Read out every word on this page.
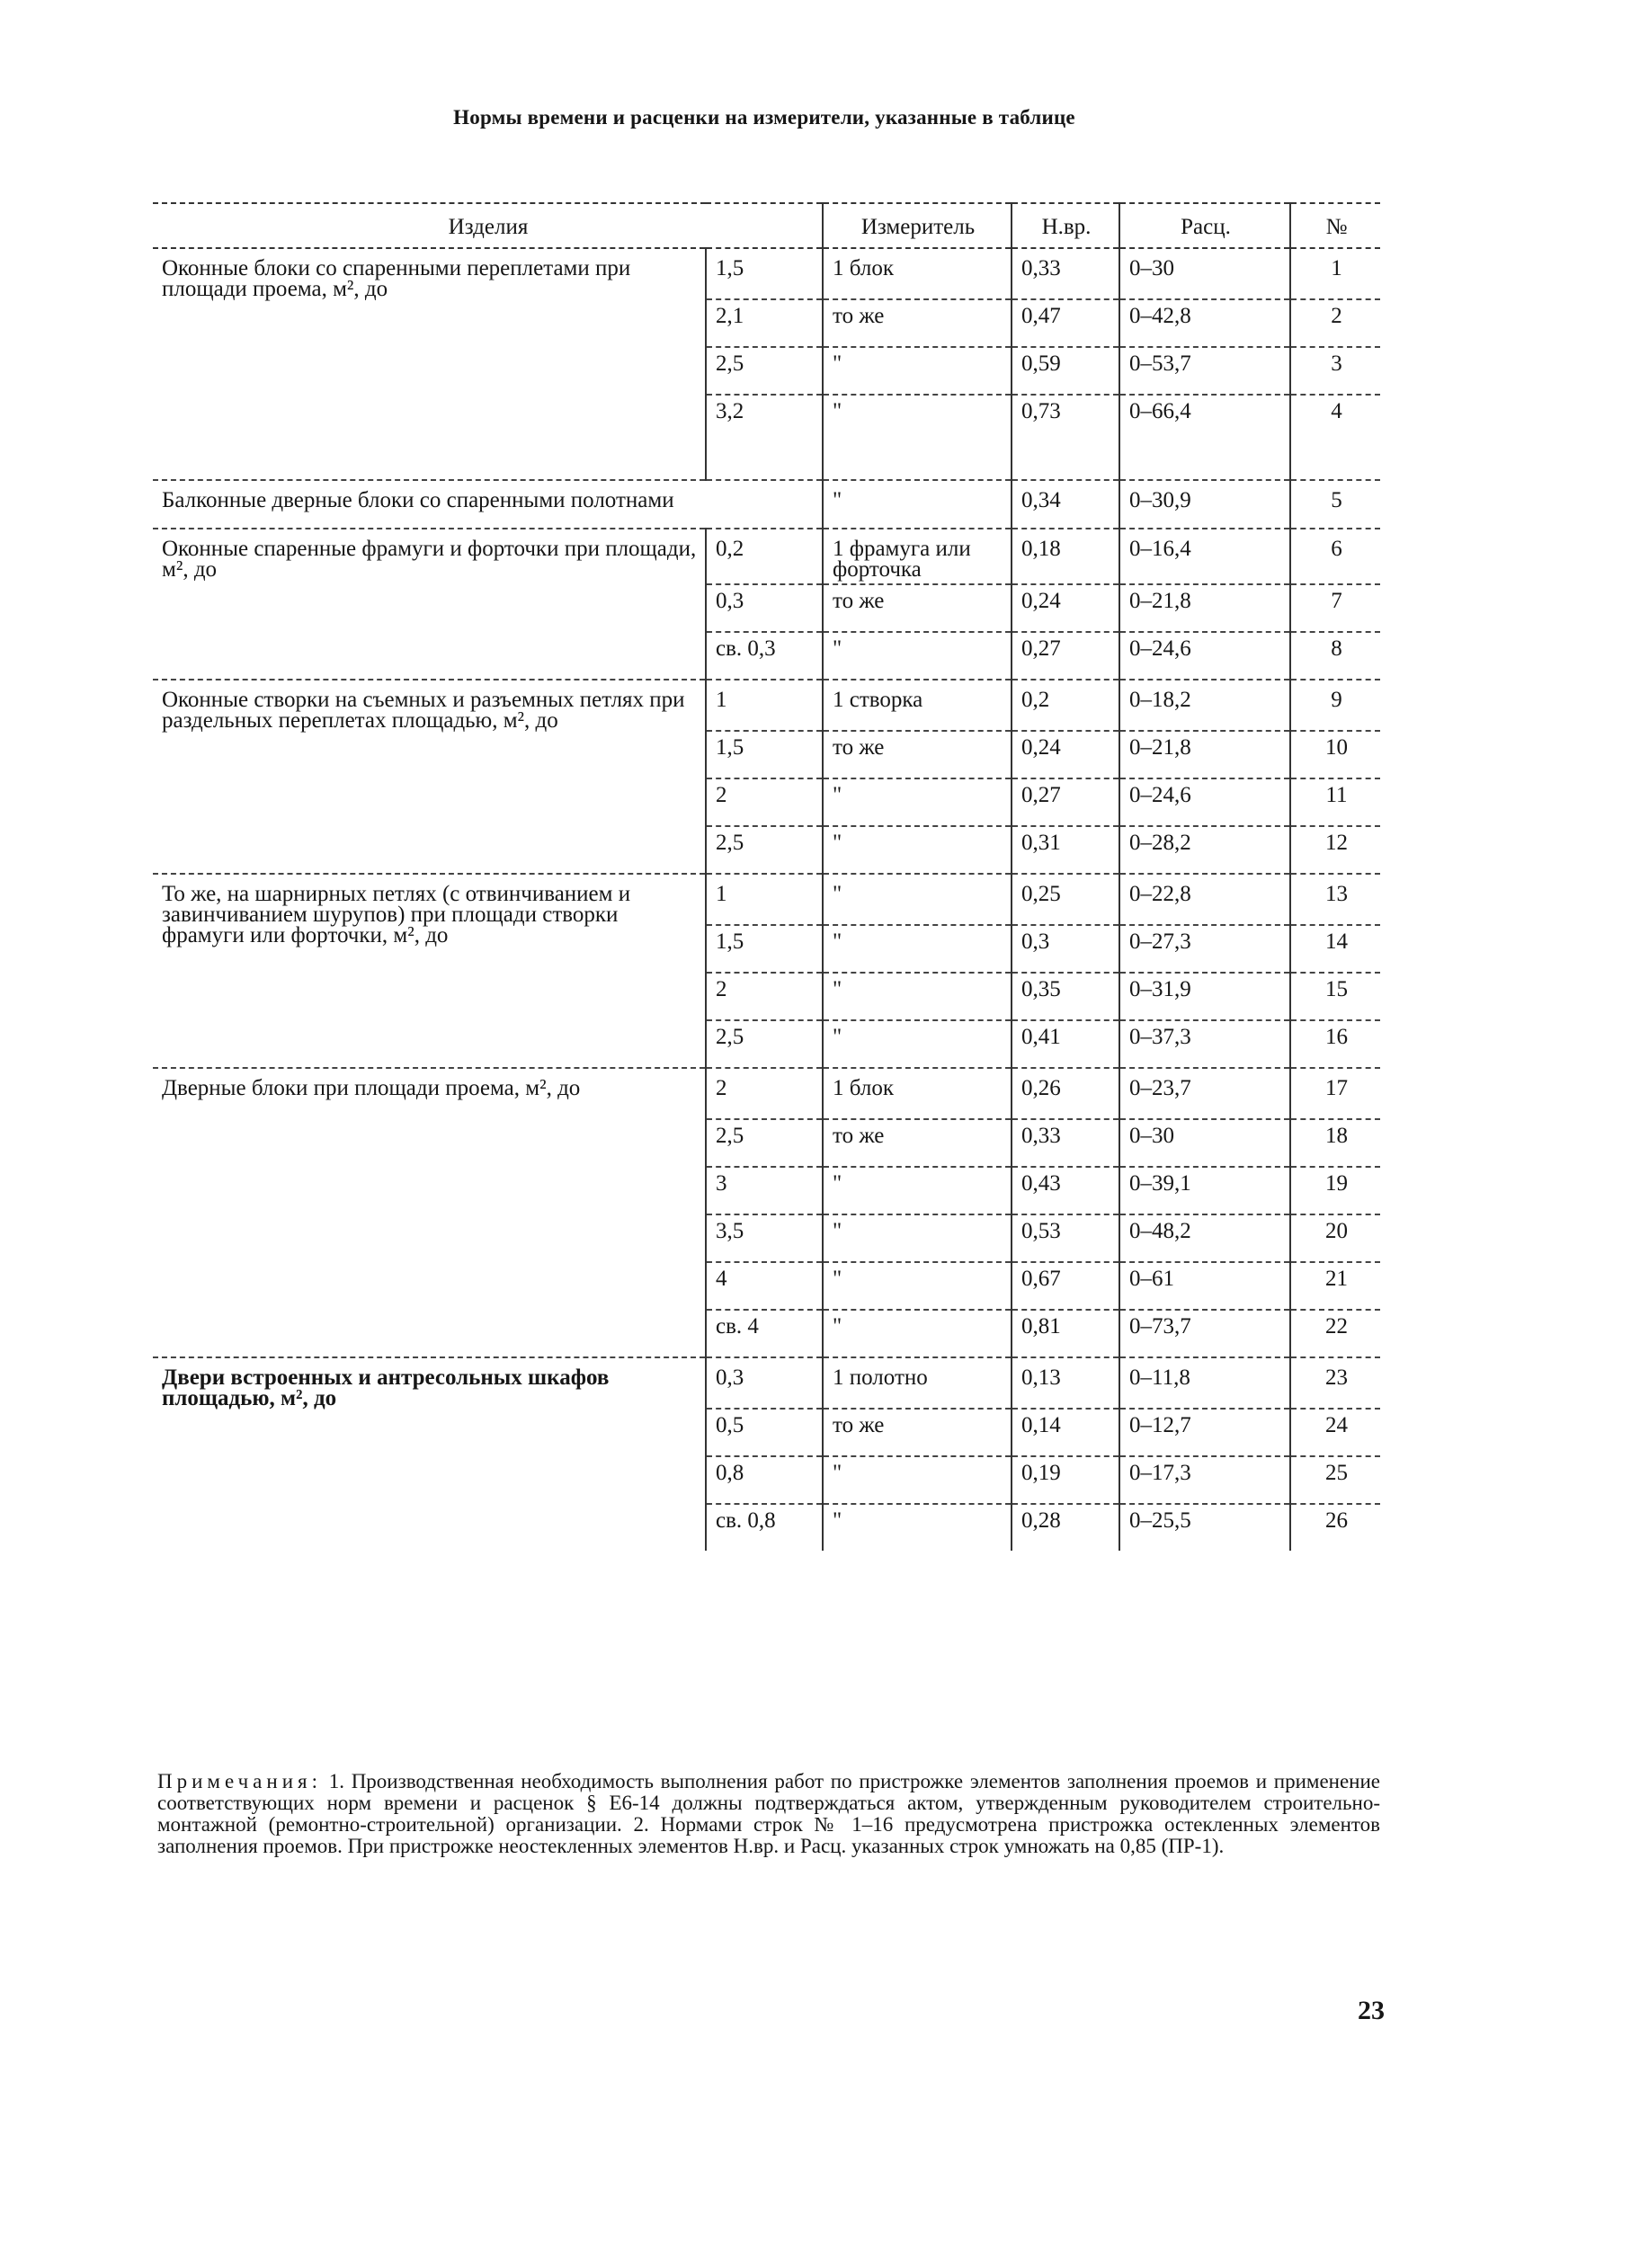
Нормы времени и расценки на измерители, указанные в таблице
Изделия		Измеритель	Н.вр.	Расц.	№
Оконные блоки со спаренными переплетами при площади проема, м², до	1,5	1 блок	0,33	0–30	1
	2,1	то же	0,47	0–42,8	2
	2,5	"	0,59	0–53,7	3
	3,2	"	0,73	0–66,4	4

Балконные дверные блоки со спаренными полотнами		"	0,34	0–30,9	5
Оконные спаренные фрамуги и форточки при площади, м², до	0,2	1 фрамуга или форточка	0,18	0–16,4	6
	0,3	то же	0,24	0–21,8	7
	св. 0,3	"	0,27	0–24,6	8
Оконные створки на съемных и разъемных петлях при раздельных переплетах площадью, м², до	1	1 створка	0,2	0–18,2	9
	1,5	то же	0,24	0–21,8	10
	2	"	0,27	0–24,6	11
	2,5	"	0,31	0–28,2	12
То же, на шарнирных петлях (с отвинчиванием и завинчиванием шурупов) при площади створки фрамуги или форточки, м², до	1	"	0,25	0–22,8	13
	1,5	"	0,3	0–27,3	14
	2	"	0,35	0–31,9	15
	2,5	"	0,41	0–37,3	16
Дверные блоки при площади проема, м², до	2	1 блок	0,26	0–23,7	17
	2,5	то же	0,33	0–30	18
	3	"	0,43	0–39,1	19
	3,5	"	0,53	0–48,2	20
	4	"	0,67	0–61	21
	св. 4	"	0,81	0–73,7	22
Двери встроенных и антресольных шкафов площадью, м², до	0,3	1 полотно	0,13	0–11,8	23
	0,5	то же	0,14	0–12,7	24
	0,8	"	0,19	0–17,3	25
	св. 0,8	"	0,28	0–25,5	26
Примечания: 1. Производственная необходимость выполнения работ по пристрожке элементов заполнения проемов и применение соответствующих норм времени и расценок § Е6-14 должны подтверждаться актом, утвержденным руководителем строительно-монтажной (ремонтно-строительной) организации. 2. Нормами строк № 1–16 предусмотрена пристрожка остекленных элементов заполнения проемов. При пристрожке неостекленных элементов Н.вр. и Расц. указанных строк умножать на 0,85 (ПР-1).
23
